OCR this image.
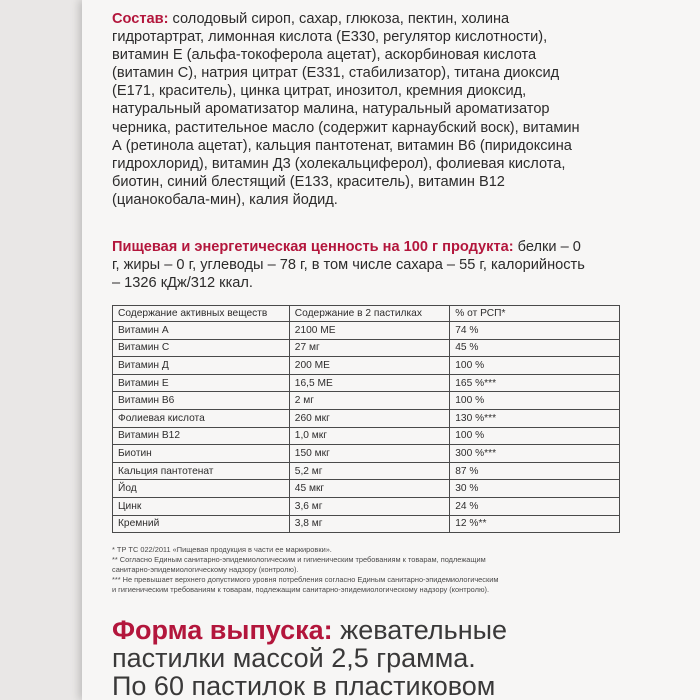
Состав: солодовый сироп, сахар, глюкоза, пектин, холина гидротартрат, лимонная кислота (Е330, регулятор кислотности), витамин Е (альфа-токоферола ацетат), аскорбиновая кислота (витамин С), натрия цитрат (Е331, стабилизатор), титана диоксид (Е171, краситель), цинка цитрат, инозитол, кремния диоксид, натуральный ароматизатор малина, натуральный ароматизатор черника, растительное масло (содержит карнаубский воск), витамин А (ретинола ацетат), кальция пантотенат, витамин В6 (пиридоксина гидрохлорид), витамин Д3 (холекальциферол), фолиевая кислота, биотин, синий блестящий (Е133, краситель), витамин В12 (цианокобала-мин), калия йодид.

Пищевая и энергетическая ценность на 100 г продукта: белки – 0 г, жиры – 0 г, углеводы – 78 г, в том числе сахара – 55 г, калорийность – 1326 кДж/312 ккал.

Содержание активных веществ	Содержание в 2 пастилках	% от РСП*
Витамин А	2100 МЕ	74 %
Витамин С	27 мг	45 %
Витамин Д	200 МЕ	100 %
Витамин Е	16,5 МЕ	165 %***
Витамин В6	2 мг	100 %
Фолиевая кислота	260 мкг	130 %***
Витамин В12	1,0 мкг	100 %
Биотин	150 мкг	300 %***
Кальция пантотенат	5,2 мг	87 %
Йод	45 мкг	30 %
Цинк	3,6 мг	24 %
Кремний	3,8 мг	12 %**
* ТР ТС 022/2011 «Пищевая продукция в части ее маркировки».
** Согласно Единым санитарно-эпидемиологическим и гигиеническим требованиям к товарам, подлежащим
санитарно-эпидемиологическому надзору (контролю).
*** Не превышает верхнего допустимого уровня потребления согласно Единым санитарно-эпидемиологическим
и гигиеническим требованиям к товарам, подлежащим санитарно-эпидемиологическому надзору (контролю).
Форма выпуска: жевательные
пастилки массой 2,5 грамма.
По 60 пастилок в пластиковом
